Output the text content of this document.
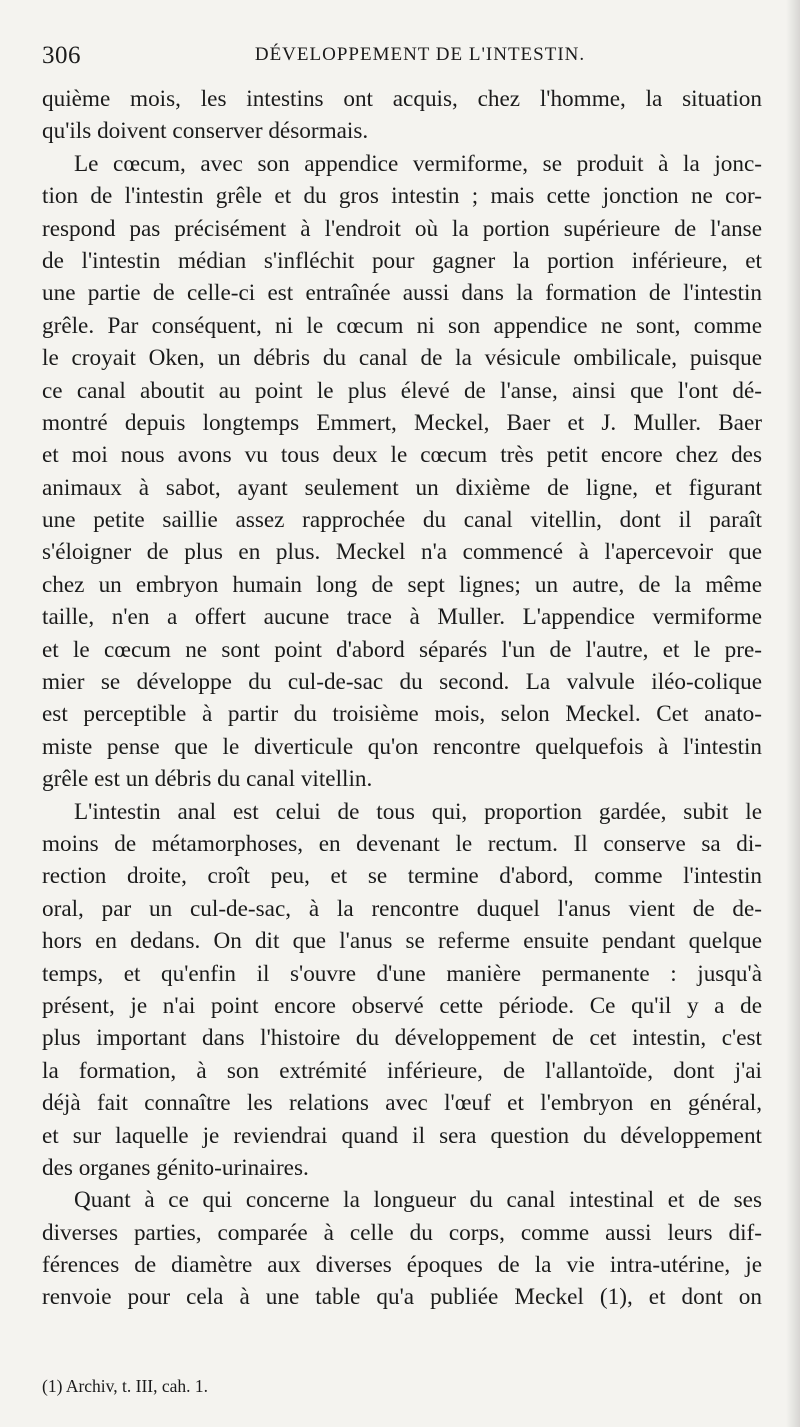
306	DÉVELOPPEMENT DE L'INTESTIN.
quième mois, les intestins ont acquis, chez l'homme, la situation
qu'ils doivent conserver désormais.
Le cœcum, avec son appendice vermiforme, se produit à la jonc-
tion de l'intestin grêle et du gros intestin ; mais cette jonction ne cor-
respond pas précisément à l'endroit où la portion supérieure de l'anse
de l'intestin médian s'infléchit pour gagner la portion inférieure, et
une partie de celle-ci est entraînée aussi dans la formation de l'intestin
grêle. Par conséquent, ni le cœcum ni son appendice ne sont, comme
le croyait Oken, un débris du canal de la vésicule ombilicale, puisque
ce canal aboutit au point le plus élevé de l'anse, ainsi que l'ont dé-
montré depuis longtemps Emmert, Meckel, Baer et J. Muller. Baer
et moi nous avons vu tous deux le cœcum très petit encore chez des
animaux à sabot, ayant seulement un dixième de ligne, et figurant
une petite saillie assez rapprochée du canal vitellin, dont il paraît
s'éloigner de plus en plus. Meckel n'a commencé à l'apercevoir que
chez un embryon humain long de sept lignes; un autre, de la même
taille, n'en a offert aucune trace à Muller. L'appendice vermiforme
et le cœcum ne sont point d'abord séparés l'un de l'autre, et le pre-
mier se développe du cul-de-sac du second. La valvule iléo-colique
est perceptible à partir du troisième mois, selon Meckel. Cet anato-
miste pense que le diverticule qu'on rencontre quelquefois à l'intestin
grêle est un débris du canal vitellin.
L'intestin anal est celui de tous qui, proportion gardée, subit le
moins de métamorphoses, en devenant le rectum. Il conserve sa di-
rection droite, croît peu, et se termine d'abord, comme l'intestin
oral, par un cul-de-sac, à la rencontre duquel l'anus vient de de-
hors en dedans. On dit que l'anus se referme ensuite pendant quelque
temps, et qu'enfin il s'ouvre d'une manière permanente : jusqu'à
présent, je n'ai point encore observé cette période. Ce qu'il y a de
plus important dans l'histoire du développement de cet intestin, c'est
la formation, à son extrémité inférieure, de l'allantoïde, dont j'ai
déjà fait connaître les relations avec l'œuf et l'embryon en général,
et sur laquelle je reviendrai quand il sera question du développement
des organes génito-urinaires.
Quant à ce qui concerne la longueur du canal intestinal et de ses
diverses parties, comparée à celle du corps, comme aussi leurs dif-
férences de diamètre aux diverses époques de la vie intra-utérine, je
renvoie pour cela à une table qu'a publiée Meckel (1), et dont on
(1) Archiv, t. III, cah. 1.
